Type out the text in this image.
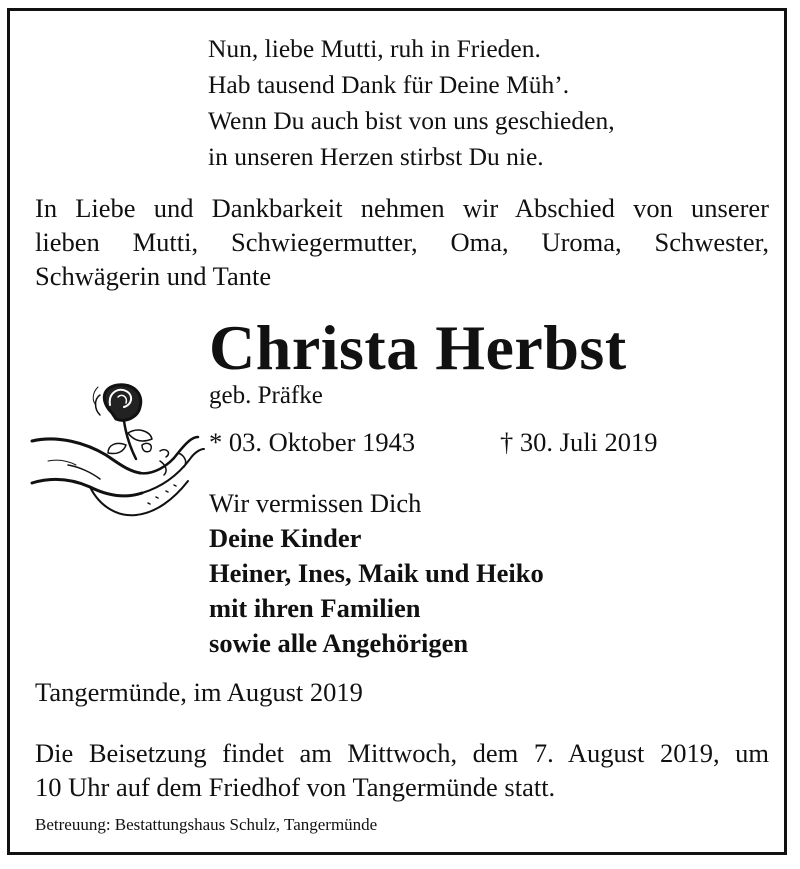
Nun, liebe Mutti, ruh in Frieden.
Hab tausend Dank für Deine Müh’.
Wenn Du auch bist von uns geschieden,
in unseren Herzen stirbst Du nie.
In Liebe und Dankbarkeit nehmen wir Abschied von unserer
lieben Mutti, Schwiegermutter, Oma, Uroma, Schwester,
Schwägerin und Tante
Christa Herbst
geb. Präfke
* 03. Oktober 1943	† 30. Juli 2019
Wir vermissen Dich
Deine Kinder
Heiner, Ines, Maik und Heiko
mit ihren Familien
sowie alle Angehörigen
Tangermünde, im August 2019
Die Beisetzung findet am Mittwoch, dem 7. August 2019, um
10 Uhr auf dem Friedhof von Tangermünde statt.
Betreuung: Bestattungshaus Schulz, Tangermünde
